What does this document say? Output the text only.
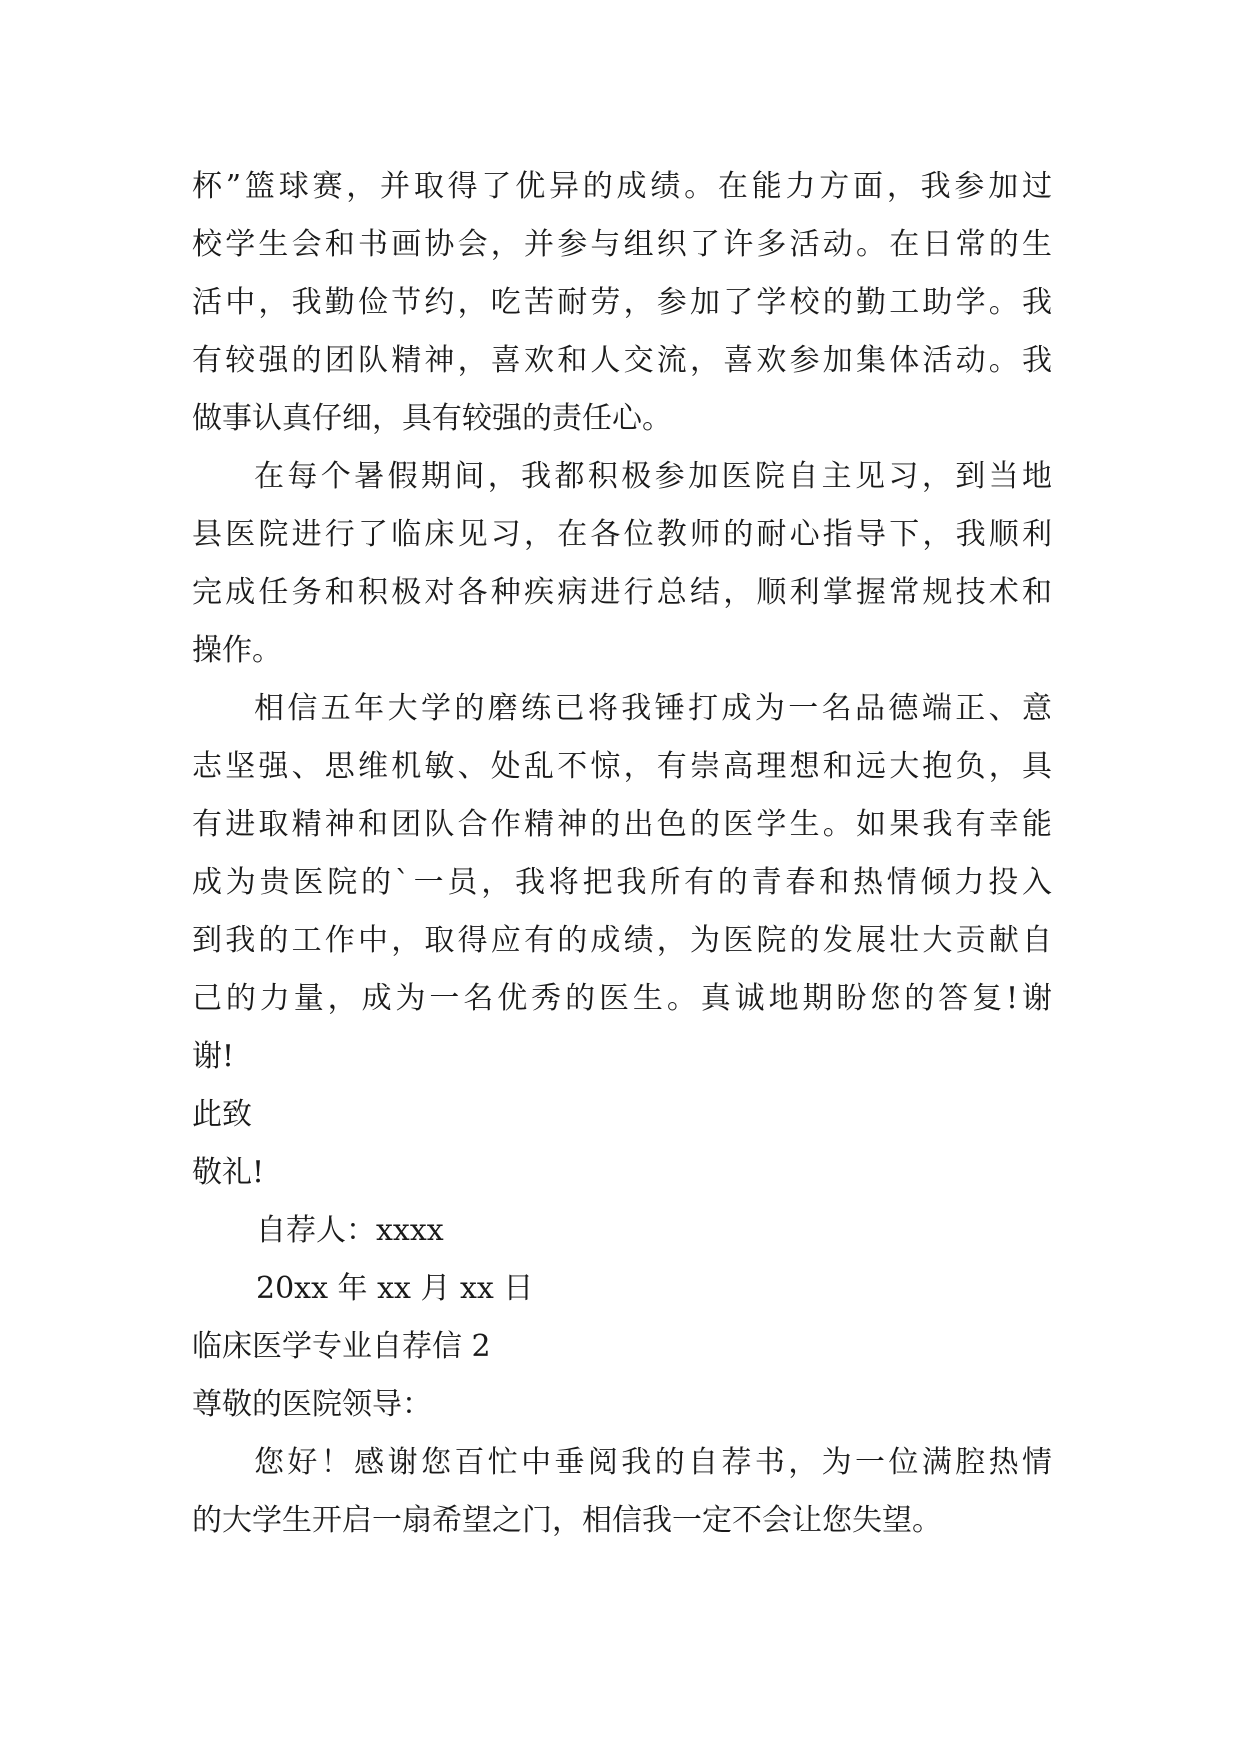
杯”篮球赛，并取得了优异的成绩。在能力方面，我参加过
校学生会和书画协会，并参与组织了许多活动。在日常的生
活中，我勤俭节约，吃苦耐劳，参加了学校的勤工助学。我
有较强的团队精神，喜欢和人交流，喜欢参加集体活动。我
做事认真仔细，具有较强的责任心。
在每个暑假期间，我都积极参加医院自主见习，到当地
县医院进行了临床见习，在各位教师的耐心指导下，我顺利
完成任务和积极对各种疾病进行总结，顺利掌握常规技术和
操作。
相信五年大学的磨练已将我锤打成为一名品德端正、意
志坚强、思维机敏、处乱不惊，有崇高理想和远大抱负，具
有进取精神和团队合作精神的出色的医学生。如果我有幸能
成为贵医院的`一员，我将把我所有的青春和热情倾力投入
到我的工作中，取得应有的成绩，为医院的发展壮大贡献自
己的力量，成为一名优秀的医生。真诚地期盼您的答复!谢
谢!
此致
敬礼!
自荐人：xxxx
20xx 年 xx 月 xx 日
临床医学专业自荐信 2
尊敬的医院领导：
您好！感谢您百忙中垂阅我的自荐书，为一位满腔热情
的大学生开启一扇希望之门，相信我一定不会让您失望。
